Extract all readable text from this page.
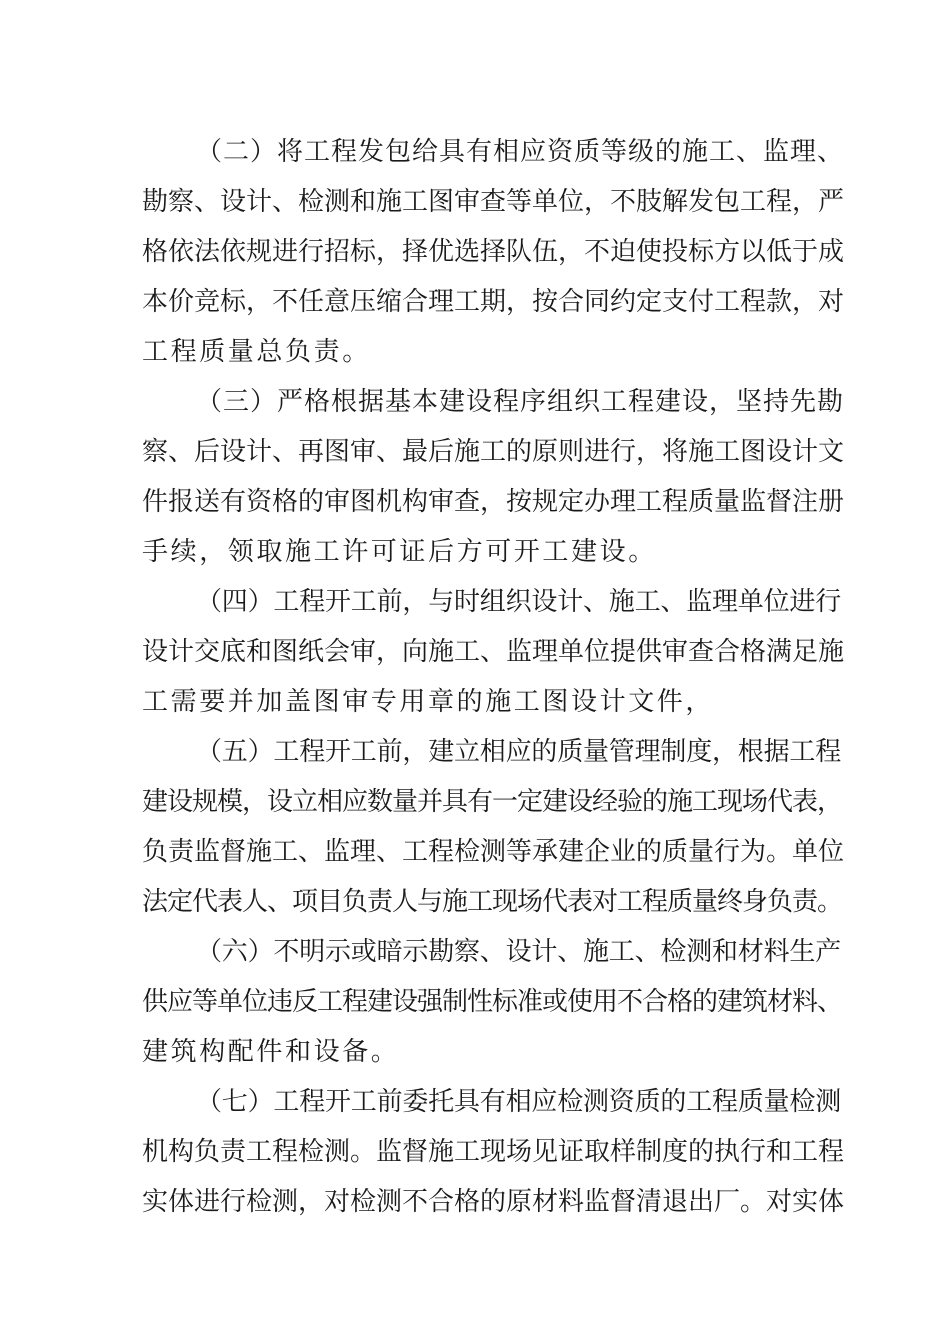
（二）将工程发包给具有相应资质等级的施工、监理、
勘察、设计、检测和施工图审查等单位，不肢解发包工程，严
格依法依规进行招标，择优选择队伍，不迫使投标方以低于成
本价竞标，不任意压缩合理工期，按合同约定支付工程款，对
工程质量总负责。
（三）严格根据基本建设程序组织工程建设，坚持先勘
察、后设计、再图审、最后施工的原则进行，将施工图设计文
件报送有资格的审图机构审查，按规定办理工程质量监督注册
手续，领取施工许可证后方可开工建设。
（四）工程开工前，与时组织设计、施工、监理单位进行
设计交底和图纸会审，向施工、监理单位提供审查合格满足施
工需要并加盖图审专用章的施工图设计文件，
（五）工程开工前，建立相应的质量管理制度，根据工程
建设规模，设立相应数量并具有一定建设经验的施工现场代表，
负责监督施工、监理、工程检测等承建企业的质量行为。单位
法定代表人、项目负责人与施工现场代表对工程质量终身负责。
（六）不明示或暗示勘察、设计、施工、检测和材料生产
供应等单位违反工程建设强制性标准或使用不合格的建筑材料、
建筑构配件和设备。
（七）工程开工前委托具有相应检测资质的工程质量检测
机构负责工程检测。监督施工现场见证取样制度的执行和工程
实体进行检测，对检测不合格的原材料监督清退出厂。对实体
